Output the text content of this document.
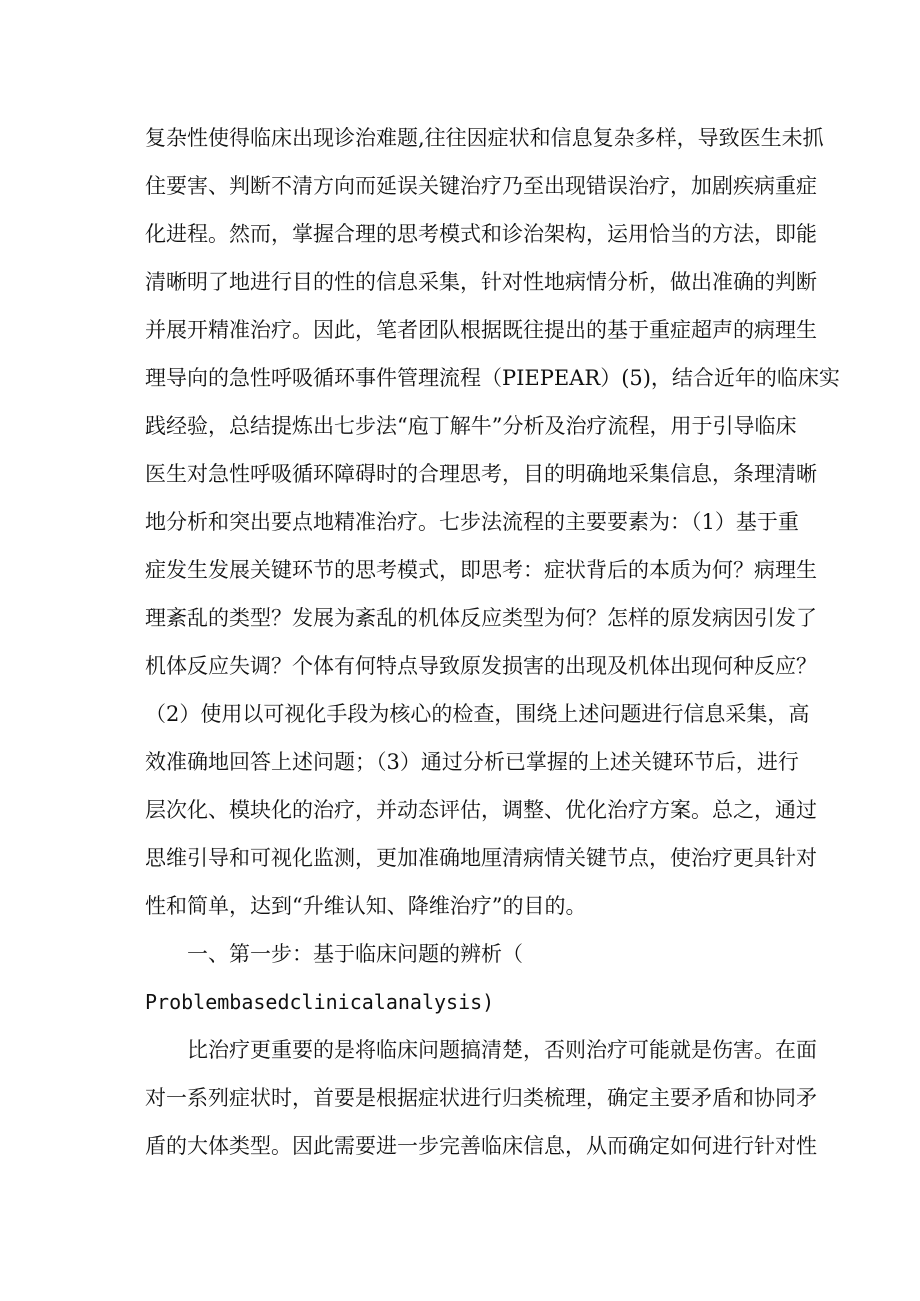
复杂性使得临床出现诊治难题,往往因症状和信息复杂多样，导致医生未抓
住要害、判断不清方向而延误关键治疗乃至出现错误治疗，加剧疾病重症
化进程。然而，掌握合理的思考模式和诊治架构，运用恰当的方法，即能
清晰明了地进行目的性的信息采集，针对性地病情分析，做出准确的判断
并展开精准治疗。因此，笔者团队根据既往提出的基于重症超声的病理生
理导向的急性呼吸循环事件管理流程（PIEPEAR）(5)，结合近年的临床实
践经验，总结提炼出七步法“庖丁解牛”分析及治疗流程，用于引导临床
医生对急性呼吸循环障碍时的合理思考，目的明确地采集信息，条理清晰
地分析和突出要点地精准治疗。七步法流程的主要要素为：（1）基于重
症发生发展关键环节的思考模式，即思考：症状背后的本质为何？病理生
理紊乱的类型？发展为紊乱的机体反应类型为何？怎样的原发病因引发了
机体反应失调？个体有何特点导致原发损害的出现及机体出现何种反应？
（2）使用以可视化手段为核心的检查，围绕上述问题进行信息采集，高
效准确地回答上述问题；（3）通过分析已掌握的上述关键环节后，进行
层次化、模块化的治疗，并动态评估，调整、优化治疗方案。总之，通过
思维引导和可视化监测，更加准确地厘清病情关键节点，使治疗更具针对
性和简单，达到“升维认知、降维治疗”的目的。
一、第一步：基于临床问题的辨析（
Problembasedclinicalanalysis)
比治疗更重要的是将临床问题搞清楚，否则治疗可能就是伤害。在面
对一系列症状时，首要是根据症状进行归类梳理，确定主要矛盾和协同矛
盾的大体类型。因此需要进一步完善临床信息，从而确定如何进行针对性
